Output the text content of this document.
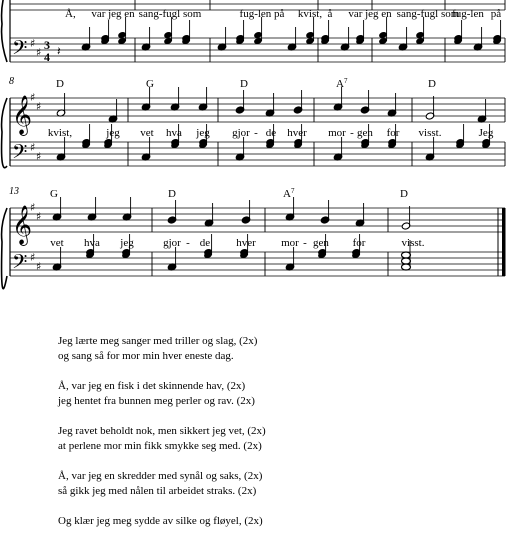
𝄢 ♯
♯
3
4 𝄽
Å, var jeg en sang-fugl som	fug-len på kvist, å var jeg en sang-fugl som
fug-len på
8
𝄞
𝄢
♯
♯
♯
♯
D	G	D	$A^7$	D
kvist,	jeg vet hva jeg gjor - de hver mor - gen for visst.	Jeg
13
𝄞
𝄢
♯
♯
♯
♯
G	D	$A^7$	D
vet hva jeg	gjor - de hver mor - gen for	visst.
Jeg lærte meg sanger med triller og slag, (2x)
og sang så for mor min hver eneste dag.
Å, var jeg en fisk i det skinnende hav, (2x)
jeg hentet fra bunnen meg perler og rav. (2x)
Jeg ravet beholdt nok, men sikkert jeg vet, (2x)
at perlene mor min fikk smykke seg med. (2x)
Å, var jeg en skredder med synål og saks, (2x)
så gikk jeg med nålen til arbeidet straks. (2x)
Og klær jeg meg sydde av silke og fløyel, (2x)
